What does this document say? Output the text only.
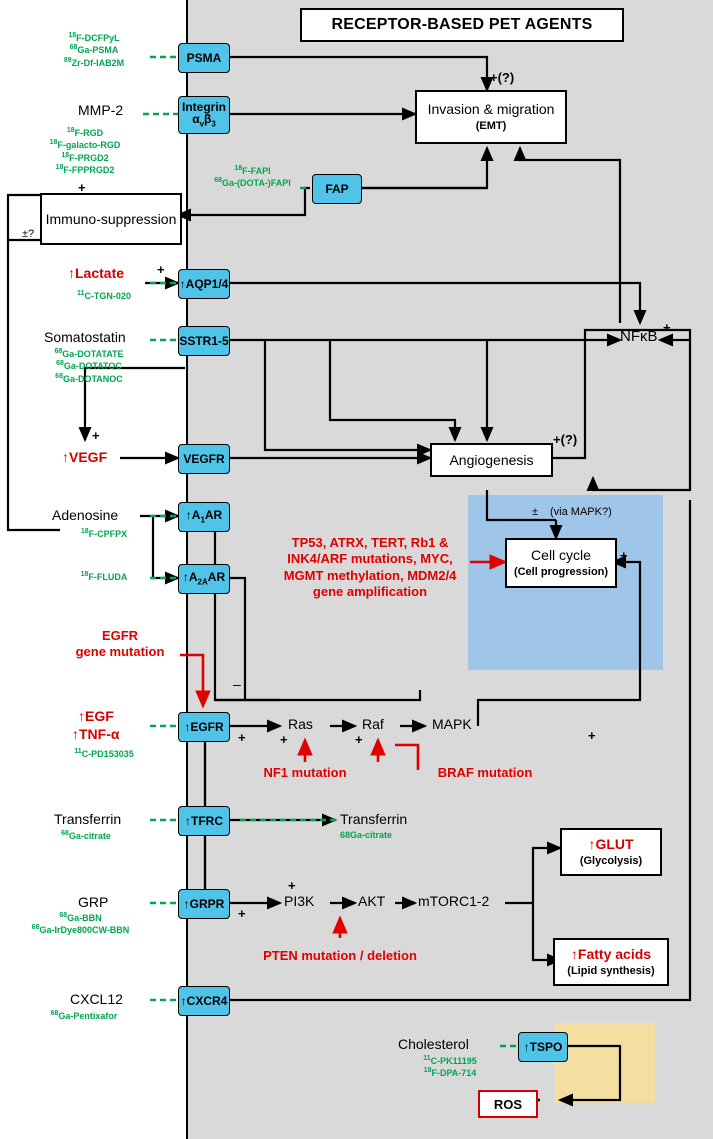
RECEPTOR-BASED PET AGENTS
$^{18}$F-DCFPyL
$^{68}$Ga-PSMA
$^{89}$Zr-Df-IAB2M	PSMA
MMP-2	Integrin
$\alpha_v\beta_3$
$^{18}$F-RGD
$^{18}$F-galacto-RGD
$^{18}$F-PRGD2
$^{18}$F-FPPRGD2
Invasion & migration
(EMT)
+(?)
$^{18}$F-FAPI
$^{68}$Ga-(DOTA-)FAPI	FAP
Immuno-suppression
+
±?
↑Lactate	+
↑AQP1/4
$^{11}$C-TGN-020
Somatostatin	SSTR1-5
$^{68}$Ga-DOTATATE
$^{68}$Ga-DOTATOC
$^{68}$Ga-DOTANOC
NFκB
+
↑VEGF
+
VEGFR	Angiogenesis
+(?)
Adenosine	$↑A_1AR$
$^{18}$F-CPFPX
$^{18}$F-FLUDA	$↑A_{2A}AR$
TP53, ATRX, TERT, Rb1 & INK4/ARF mutations, MYC, MGMT methylation, MDM2/4 gene amplification
Cell cycle
(Cell progression)
± (via MAPK?)
+
EGFR
gene mutation
↑EGF
↑TNF-α
$^{11}$C-PD153035
↑EGFR
–
+
Ras	Raf	MAPK
+	+	+
NF1 mutation	BRAF mutation
Transferrin
$^{68}$Ga-citrate
↑TFRC	Transferrin
68Ga-citrate
GRP
$^{68}$Ga-BBN
$^{68}$Ga-IrDye800CW-BBN
↑GRPR
+
+
PI3K	AKT mTORC1-2
PTEN mutation / deletion
↑GLUT
(Glycolysis)
↑Fatty acids
(Lipid synthesis)
CXCL12
$^{68}$Ga-Pentixafor
↑CXCR4
Cholesterol
$^{11}$C-PK11195
$^{18}$F-DPA-714
↑TSPO
ROS
